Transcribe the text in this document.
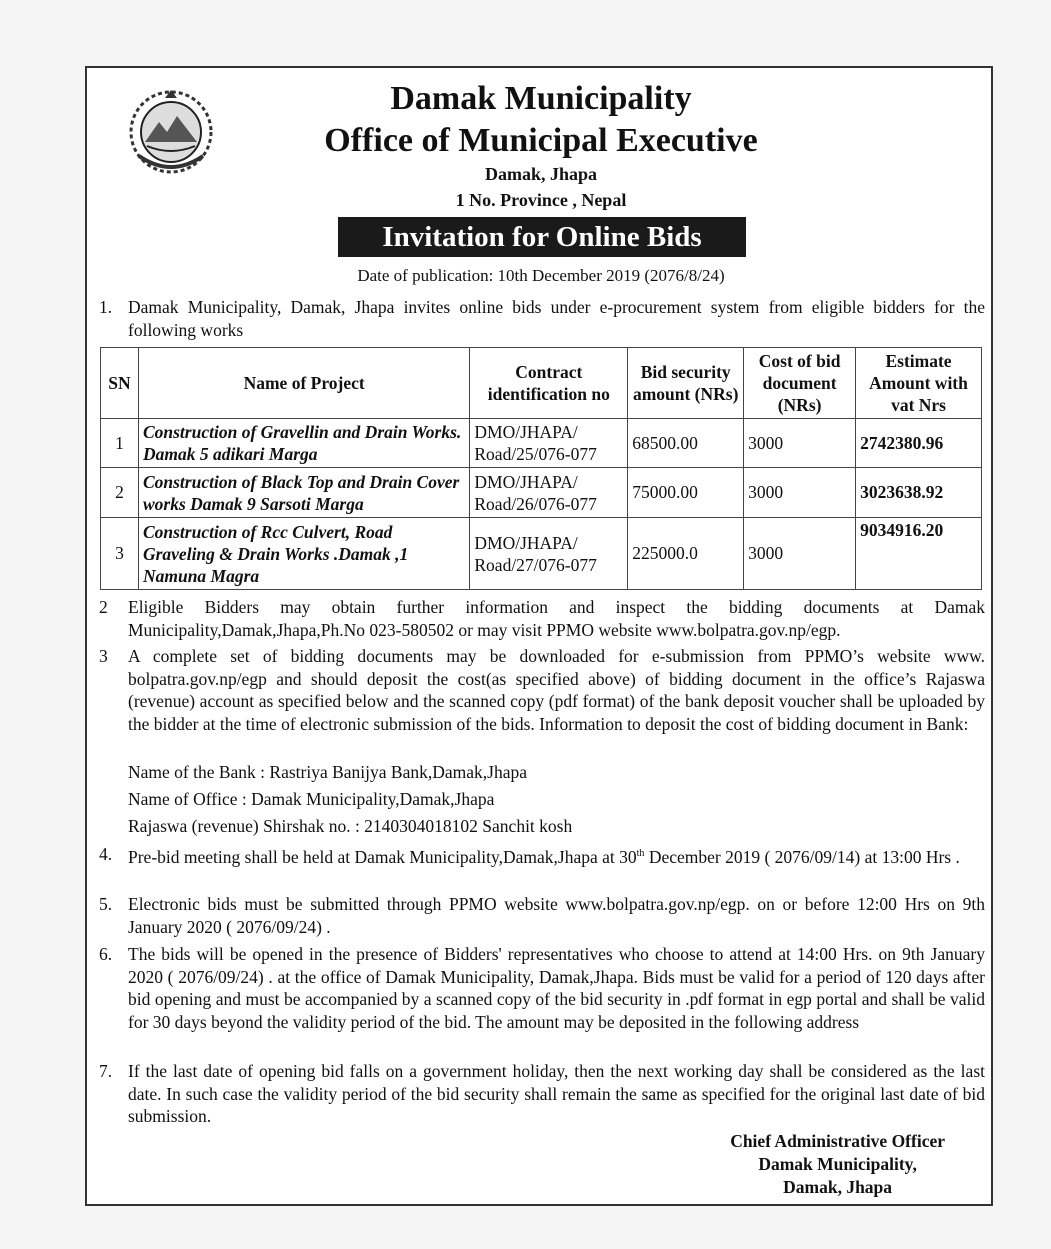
Damak Municipality
Office of Municipal Executive
Damak, Jhapa
1 No. Province , Nepal
Invitation for Online Bids
Date of publication: 10th December 2019 (2076/8/24)
1. Damak Municipality, Damak, Jhapa invites online bids under e-procurement system from eligible bidders for the following works
SN	Name of Project	Contract identification no	Bid security amount (NRs)	Cost of bid document (NRs)	Estimate Amount with vat Nrs
1	Construction of Gravellin and Drain Works. Damak 5 adikari Marga	DMO/JHAPA/ Road/25/076-077	68500.00	3000	2742380.96
2	Construction of Black Top and Drain Cover works Damak 9 Sarsoti Marga	DMO/JHAPA/ Road/26/076-077	75000.00	3000	3023638.92
3	Construction of Rcc Culvert, Road Graveling & Drain Works .Damak ,1 Namuna Magra	DMO/JHAPA/ Road/27/076-077	225000.0	3000	9034916.20
2 Eligible Bidders may obtain further information and inspect the bidding documents at Damak Municipality,Damak,Jhapa,Ph.No 023-580502 or may visit PPMO website www.bolpatra.gov.np/egp.
3 A complete set of bidding documents may be downloaded for e-submission from PPMO’s website www. bolpatra.gov.np/egp and should deposit the cost(as specified above) of bidding document in the office’s Rajaswa (revenue) account as specified below and the scanned copy (pdf format) of the bank deposit voucher shall be uploaded by the bidder at the time of electronic submission of the bids. Information to deposit the cost of bidding document in Bank:
Name of the Bank : Rastriya Banijya Bank,Damak,Jhapa
Name of Office : Damak Municipality,Damak,Jhapa
Rajaswa (revenue) Shirshak no. : 2140304018102 Sanchit kosh
4. Pre-bid meeting shall be held at Damak Municipality,Damak,Jhapa at 30th December 2019 ( 2076/09/14) at 13:00 Hrs .
5. Electronic bids must be submitted through PPMO website www.bolpatra.gov.np/egp. on or before 12:00 Hrs on 9th January 2020 ( 2076/09/24) .
6. The bids will be opened in the presence of Bidders' representatives who choose to attend at 14:00 Hrs. on 9th January 2020 ( 2076/09/24) . at the office of Damak Municipality, Damak,Jhapa. Bids must be valid for a period of 120 days after bid opening and must be accompanied by a scanned copy of the bid security in .pdf format in egp portal and shall be valid for 30 days beyond the validity period of the bid. The amount may be deposited in the following address
7. If the last date of opening bid falls on a government holiday, then the next working day shall be considered as the last date. In such case the validity period of the bid security shall remain the same as specified for the original last date of bid submission.
Chief Administrative Officer
Damak Municipality,
Damak, Jhapa
